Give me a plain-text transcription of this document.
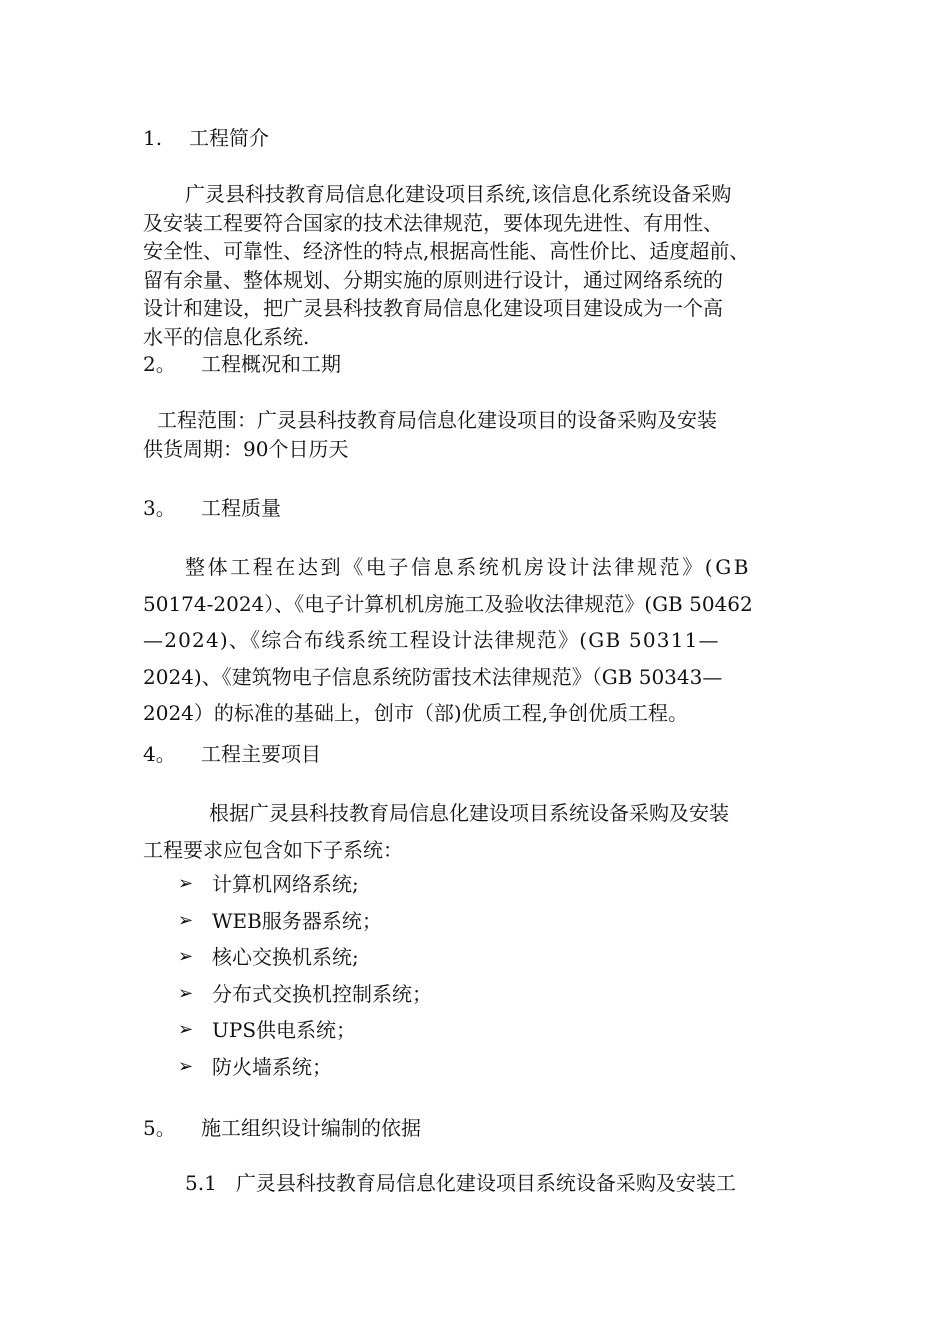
1. 工程简介
广灵县科技教育局信息化建设项目系统,该信息化系统设备采购
及安装工程要符合国家的技术法律规范，要体现先进性、有用性、
安全性、可靠性、经济性的特点,根据高性能、高性价比、适度超前、
留有余量、整体规划、分期实施的原则进行设计，通过网络系统的
设计和建设，把广灵县科技教育局信息化建设项目建设成为一个高
水平的信息化系统.
2。 工程概况和工期
工程范围：广灵县科技教育局信息化建设项目的设备采购及安装
供货周期：90个日历天
3。 工程质量
整体工程在达到《电子信息系统机房设计法律规范》(GB
50174-2024）、《电子计算机机房施工及验收法律规范》(GB 50462
—2024)、《综合布线系统工程设计法律规范》(GB 50311—
2024)、《建筑物电子信息系统防雷技术法律规范》（GB 50343—
2024）的标准的基础上，创市（部)优质工程,争创优质工程。
4。 工程主要项目
根据广灵县科技教育局信息化建设项目系统设备采购及安装
工程要求应包含如下子系统：
➢ 计算机网络系统;
➢ WEB服务器系统；
➢ 核心交换机系统;
➢ 分布式交换机控制系统；
➢ UPS供电系统；
➢ 防火墙系统；
5。 施工组织设计编制的依据
5.1   广灵县科技教育局信息化建设项目系统设备采购及安装工
